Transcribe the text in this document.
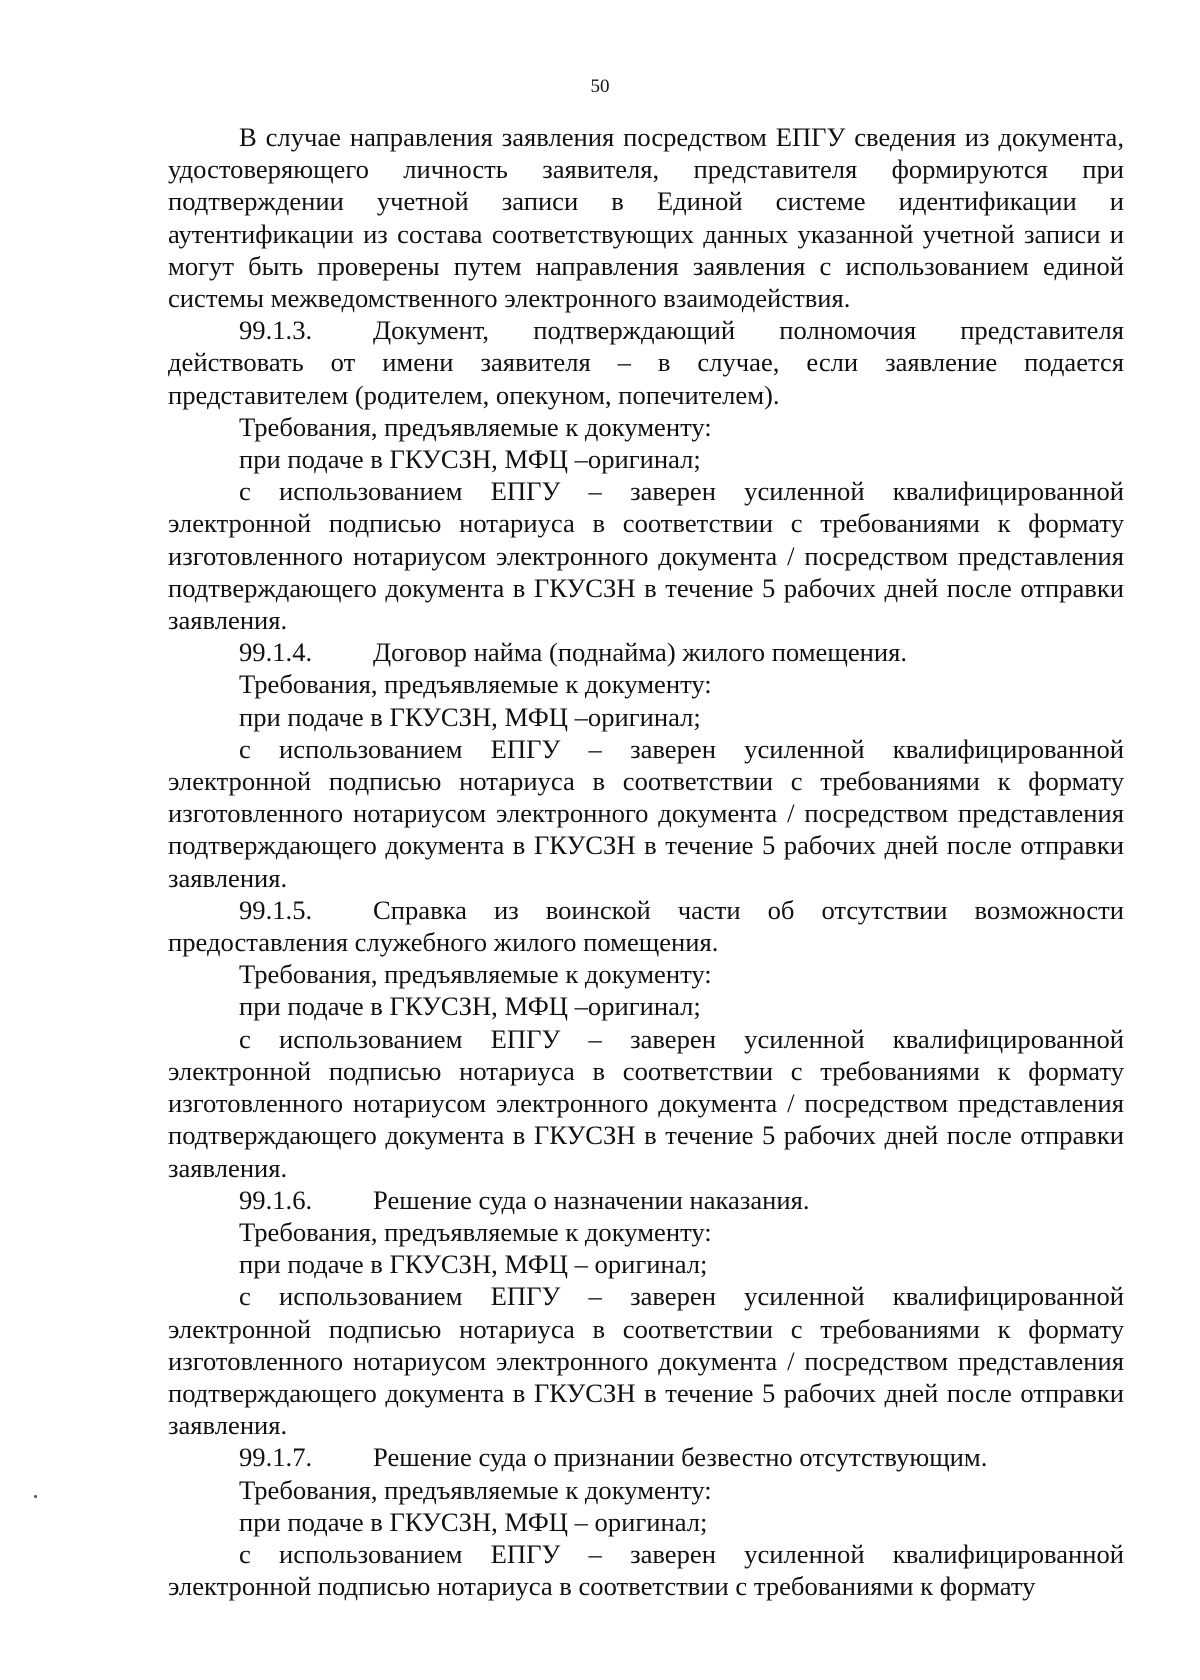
50

В случае направления заявления посредством ЕПГУ сведения из документа, удостоверяющего личность заявителя, представителя формируются при подтверждении учетной записи в Единой системе идентификации и аутентификации из состава соответствующих данных указанной учетной записи и могут быть проверены путем направления заявления с использованием единой системы межведомственного электронного взаимодействия.

99.1.3. Документ, подтверждающий полномочия представителя действовать от имени заявителя – в случае, если заявление подается представителем (родителем, опекуном, попечителем).

Требования, предъявляемые к документу:

при подаче в ГКУСЗН, МФЦ –оригинал;

с использованием ЕПГУ – заверен усиленной квалифицированной электронной подписью нотариуса в соответствии с требованиями к формату изготовленного нотариусом электронного документа / посредством представления подтверждающего документа в ГКУСЗН в течение 5 рабочих дней после отправки заявления.

99.1.4. Договор найма (поднайма) жилого помещения.

Требования, предъявляемые к документу:

при подаче в ГКУСЗН, МФЦ –оригинал;

с использованием ЕПГУ – заверен усиленной квалифицированной электронной подписью нотариуса в соответствии с требованиями к формату изготовленного нотариусом электронного документа / посредством представления подтверждающего документа в ГКУСЗН в течение 5 рабочих дней после отправки заявления.

99.1.5. Справка из воинской части об отсутствии возможности предоставления служебного жилого помещения.

Требования, предъявляемые к документу:

при подаче в ГКУСЗН, МФЦ –оригинал;

с использованием ЕПГУ – заверен усиленной квалифицированной электронной подписью нотариуса в соответствии с требованиями к формату изготовленного нотариусом электронного документа / посредством представления подтверждающего документа в ГКУСЗН в течение 5 рабочих дней после отправки заявления.

99.1.6. Решение суда о назначении наказания.

Требования, предъявляемые к документу:

при подаче в ГКУСЗН, МФЦ – оригинал;

с использованием ЕПГУ – заверен усиленной квалифицированной электронной подписью нотариуса в соответствии с требованиями к формату изготовленного нотариусом электронного документа / посредством представления подтверждающего документа в ГКУСЗН в течение 5 рабочих дней после отправки заявления.

99.1.7. Решение суда о признании безвестно отсутствующим.

Требования, предъявляемые к документу:

при подаче в ГКУСЗН, МФЦ – оригинал;

с использованием ЕПГУ – заверен усиленной квалифицированной электронной подписью нотариуса в соответствии с требованиями к формату
